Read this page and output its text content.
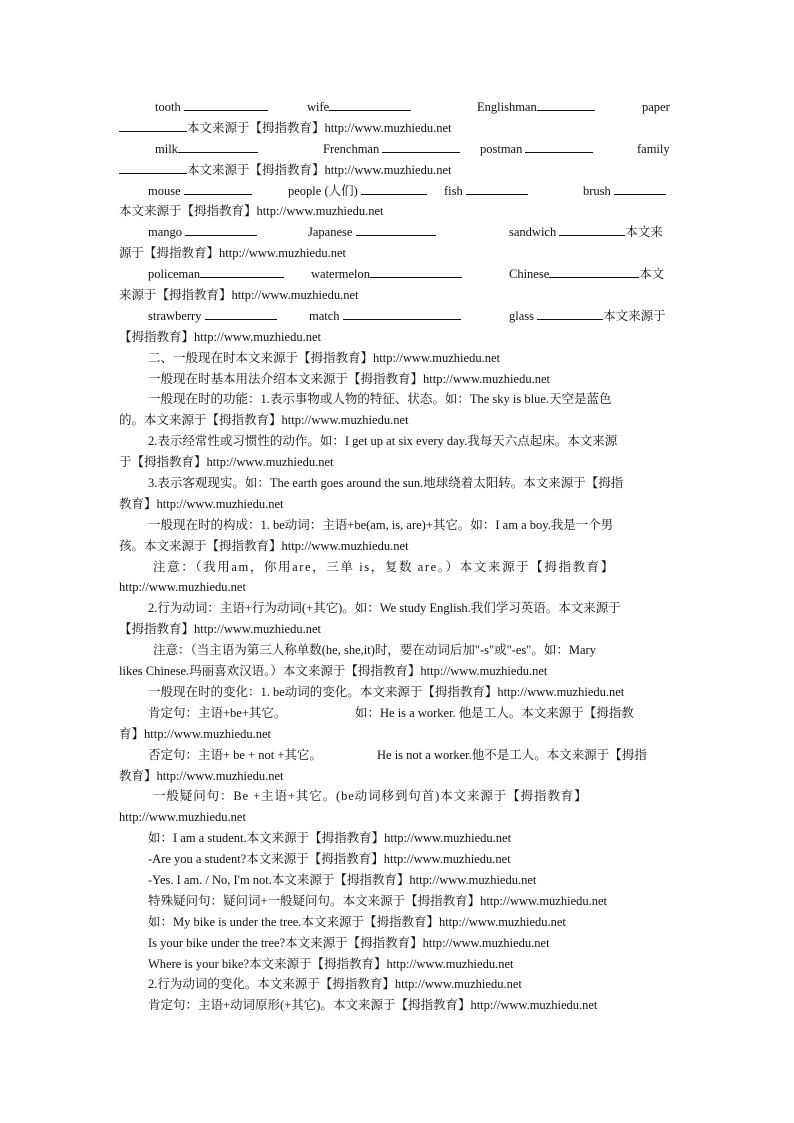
tooth	wife	Englishman	paper
本文来源于【拇指教育】http://www.muzhiedu.net
milk	Frenchman	postman	family
本文来源于【拇指教育】http://www.muzhiedu.net
mouse	people (人们)	fish	brush
本文来源于【拇指教育】http://www.muzhiedu.net
mango	Japanese	sandwich	本文来
源于【拇指教育】http://www.muzhiedu.net
policeman	watermelon	Chinese	本文
来源于【拇指教育】http://www.muzhiedu.net
strawberry	match	glass	本文来源于
【拇指教育】http://www.muzhiedu.net
二、一般现在时本文来源于【拇指教育】http://www.muzhiedu.net
一般现在时基本用法介绍本文来源于【拇指教育】http://www.muzhiedu.net
一般现在时的功能：1.表示事物或人物的特征、状态。如：The sky is blue.天空是蓝色
的。本文来源于【拇指教育】http://www.muzhiedu.net
2.表示经常性或习惯性的动作。如：I get up at six every day.我每天六点起床。本文来源
于【拇指教育】http://www.muzhiedu.net
3.表示客观现实。如：The earth goes around the sun.地球绕着太阳转。本文来源于【拇指
教育】http://www.muzhiedu.net
一般现在时的构成：1. be动词：主语+be(am, is, are)+其它。如：I am a boy.我是一个男
孩。本文来源于【拇指教育】http://www.muzhiedu.net
注意：（我用am，你用are，三单 is，复数 are。）本文来源于【拇指教育】
http://www.muzhiedu.net
2.行为动词：主语+行为动词(+其它)。如：We study English.我们学习英语。本文来源于
【拇指教育】http://www.muzhiedu.net
注意：（当主语为第三人称单数(he, she,it)时，要在动词后加"-s"或"-es"。如：Mary
likes Chinese.玛丽喜欢汉语。）本文来源于【拇指教育】http://www.muzhiedu.net
一般现在时的变化：1. be动词的变化。本文来源于【拇指教育】http://www.muzhiedu.net
肯定句：主语+be+其它。	如：He is a worker. 他是工人。本文来源于【拇指教
育】http://www.muzhiedu.net
否定句：主语+ be + not +其它。	He is not a worker.他不是工人。本文来源于【拇指
教育】http://www.muzhiedu.net
一般疑问句：Be +主语+其它。(be动词移到句首)本文来源于【拇指教育】
http://www.muzhiedu.net
如：I am a student.本文来源于【拇指教育】http://www.muzhiedu.net
-Are you a student?本文来源于【拇指教育】http://www.muzhiedu.net
-Yes. I am. / No, I'm not.本文来源于【拇指教育】http://www.muzhiedu.net
特殊疑问句：疑问词+一般疑问句。本文来源于【拇指教育】http://www.muzhiedu.net
如：My bike is under the tree.本文来源于【拇指教育】http://www.muzhiedu.net
Is your bike under the tree?本文来源于【拇指教育】http://www.muzhiedu.net
Where is your bike?本文来源于【拇指教育】http://www.muzhiedu.net
2.行为动词的变化。本文来源于【拇指教育】http://www.muzhiedu.net
肯定句：主语+动词原形(+其它)。本文来源于【拇指教育】http://www.muzhiedu.net
